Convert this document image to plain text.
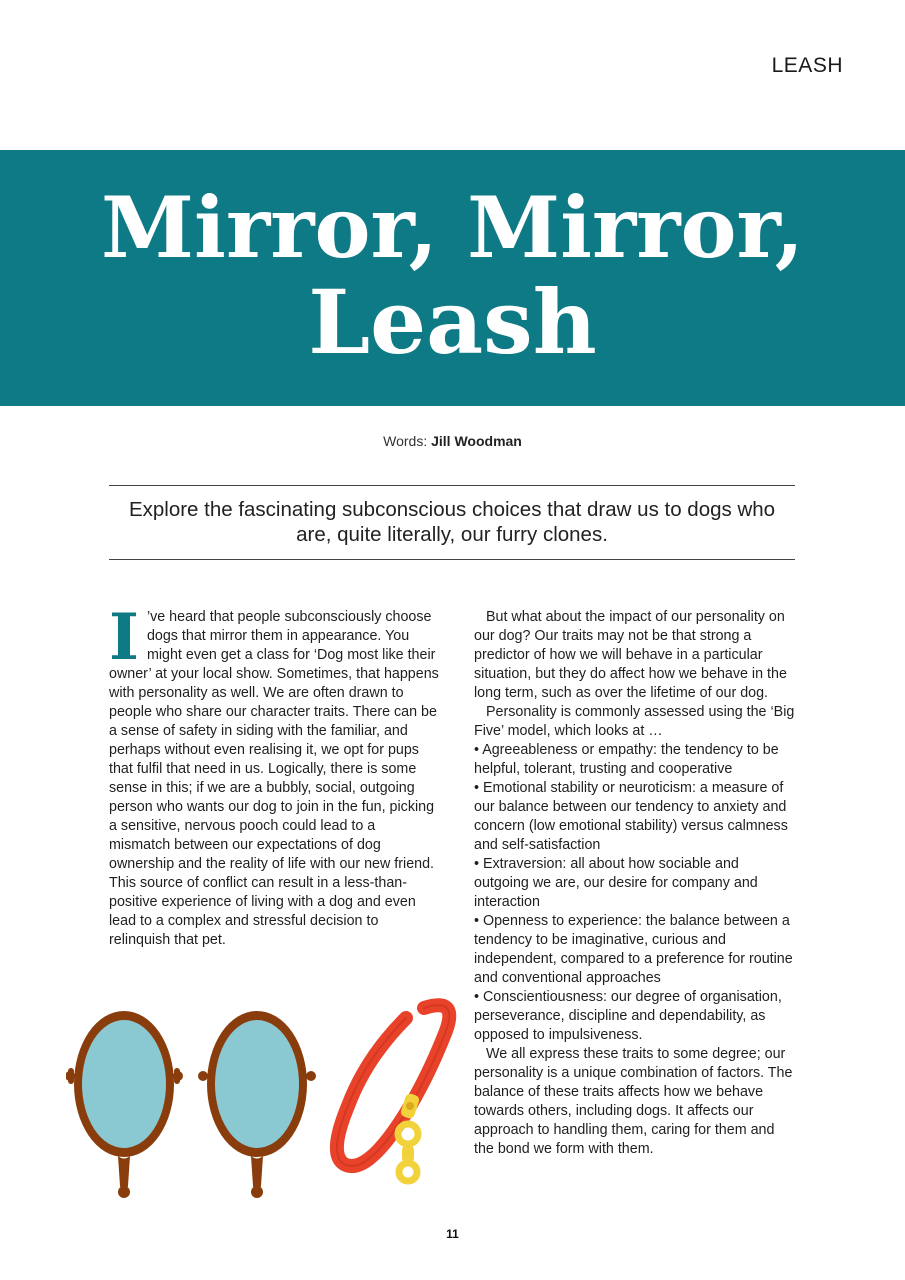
LEASH
Mirror, Mirror,
Leash
Words: Jill Woodman
Explore the fascinating subconscious choices that draw us to dogs who are, quite literally, our furry clones.
I ’ve heard that people subconsciously choose dogs that mirror them in appearance. You might even get a class for ‘Dog most like their owner’ at your local show. Sometimes, that happens with personality as well. We are often drawn to people who share our character traits. There can be a sense of safety in siding with the familiar, and perhaps without even realising it, we opt for pups that fulfil that need in us. Logically, there is some sense in this; if we are a bubbly, social, outgoing person who wants our dog to join in the fun, picking a sensitive, nervous pooch could lead to a mismatch between our expectations of dog ownership and the reality of life with our new friend. This source of conflict can result in a less-than-positive experience of living with a dog and even lead to a complex and stressful decision to relinquish that pet.

But what about the impact of our personality on our dog? Our traits may not be that strong a predictor of how we will behave in a particular situation, but they do affect how we behave in the long term, such as over the lifetime of our dog.

Personality is commonly assessed using the ‘Big Five’ model, which looks at …

• Agreeableness or empathy: the tendency to be helpful, tolerant, trusting and cooperative

• Emotional stability or neuroticism: a measure of our balance between our tendency to anxiety and concern (low emotional stability) versus calmness and self-satisfaction

• Extraversion: all about how sociable and outgoing we are, our desire for company and interaction

• Openness to experience: the balance between a tendency to be imaginative, curious and independent, compared to a preference for routine and conventional approaches

• Conscientiousness: our degree of organisation, perseverance, discipline and dependability, as opposed to impulsiveness.

We all express these traits to some degree; our personality is a unique combination of factors. The balance of these traits affects how we behave towards others, including dogs. It affects our approach to handling them, caring for them and the bond we form with them.

11
